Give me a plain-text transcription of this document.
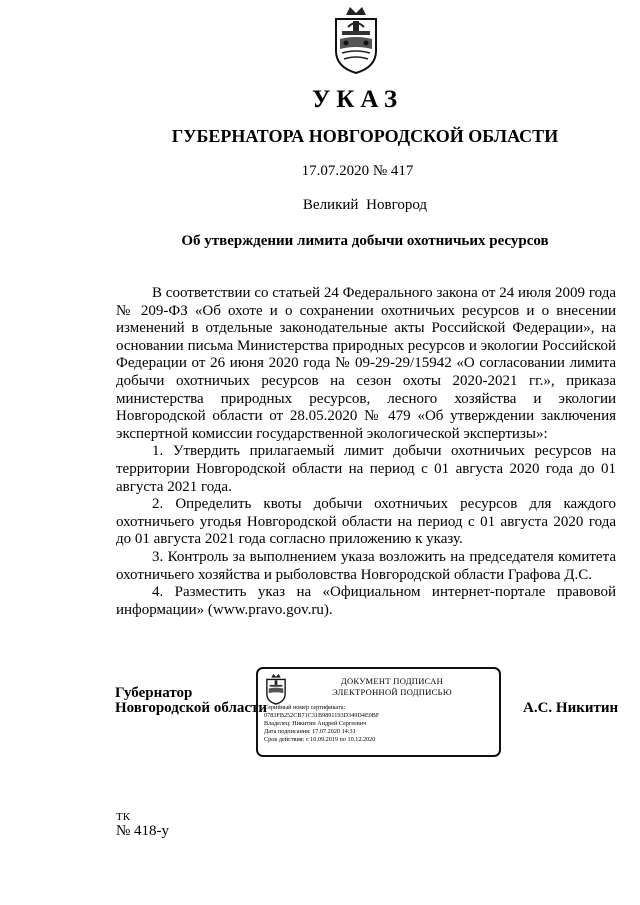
УКАЗ
ГУБЕРНАТОРА НОВГОРОДСКОЙ ОБЛАСТИ
17.07.2020 № 417
Великий Новгород
Об утверждении лимита добычи охотничьих ресурсов

В соответствии со статьей 24 Федерального закона от 24 июля 2009 года № 209-ФЗ «Об охоте и о сохранении охотничьих ресурсов и о внесении изменений в отдельные законодательные акты Российской Федерации», на основании письма Министерства природных ресурсов и экологии Российской Федерации от 26 июня 2020 года № 09-29-29/15942 «О согласовании лимита добычи охотничьих ресурсов на сезон охоты 2020-2021 гг.», приказа министерства природных ресурсов, лесного хозяйства и экологии Новгородской области от 28.05.2020 № 479 «Об утверждении заключения экспертной комиссии государственной экологической экспертизы»:

1. Утвердить прилагаемый лимит добычи охотничьих ресурсов на территории Новгородской области на период с 01 августа 2020 года до 01 августа 2021 года.

2. Определить квоты добычи охотничьих ресурсов для каждого охотничьего угодья Новгородской области на период с 01 августа 2020 года до 01 августа 2021 года согласно приложению к указу.

3. Контроль за выполнением указа возложить на председателя комитета охотничьего хозяйства и рыболовства Новгородской области Графова Д.С.

4. Разместить указ на «Официальном интернет-портале правовой информации» (www.pravo.gov.ru).

Губернатор
Новгородской области
ДОКУМЕНТ ПОДПИСАН
ЭЛЕКТРОННОЙ ПОДПИСЬЮ
Серийный номер сертификата:
0783FB252CB71C31B9891193D349D4E0BF
Владелец: Никитин Андрей Сергеевич
Дата подписания: 17.07.2020 14:31
Срок действия: с 10.09.2019 по 10.12.2020
А.С. Никитин
ТК
№ 418-у
